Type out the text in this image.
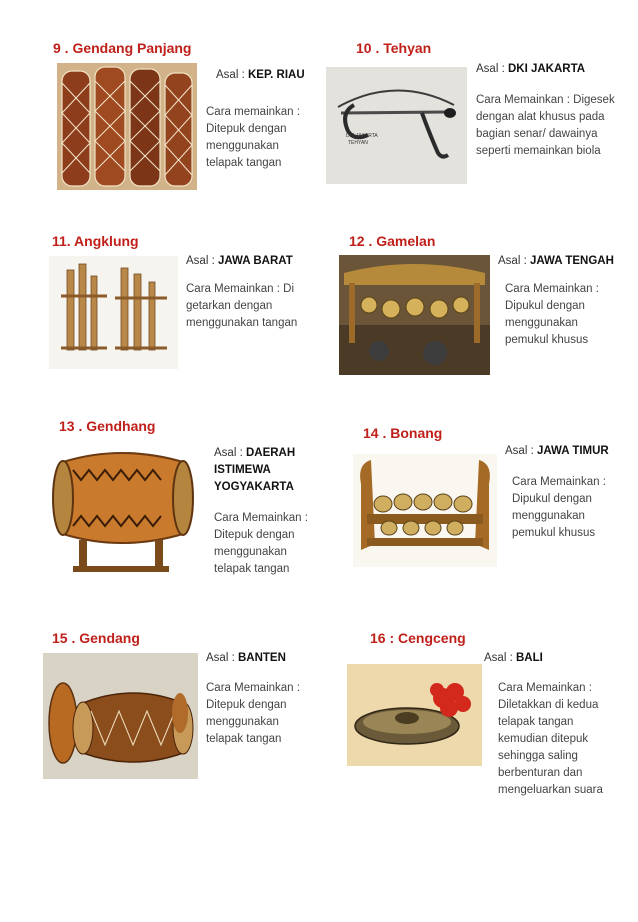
9 . Gendang Panjang
Asal : KEP. RIAU
Cara memainkan :
Ditepuk dengan
menggunakan
telapak tangan
10 . Tehyan
DKI JAKARTA
TEHYAN
Asal : DKI JAKARTA
Cara Memainkan : Digesek
dengan alat khusus pada
bagian senar/ dawainya
seperti memainkan biola
11. Angklung
Asal : JAWA BARAT
Cara Memainkan : Di
getarkan dengan
menggunakan tangan
12 . Gamelan
Asal : JAWA TENGAH
Cara Memainkan :
Dipukul dengan
menggunakan
pemukul khusus
13 . Gendhang
Asal : DAERAH
ISTIMEWA
YOGYAKARTA
Cara Memainkan :
Ditepuk dengan
menggunakan
telapak tangan
14 . Bonang
Asal : JAWA TIMUR
Cara Memainkan :
Dipukul dengan
menggunakan
pemukul khusus
15 . Gendang
Asal : BANTEN
Cara Memainkan :
Ditepuk dengan
menggunakan
telapak tangan
16 : Cengceng
Asal : BALI
Cara Memainkan :
Diletakkan di kedua
telapak tangan
kemudian ditepuk
sehingga saling
berbenturan dan
mengeluarkan suara
